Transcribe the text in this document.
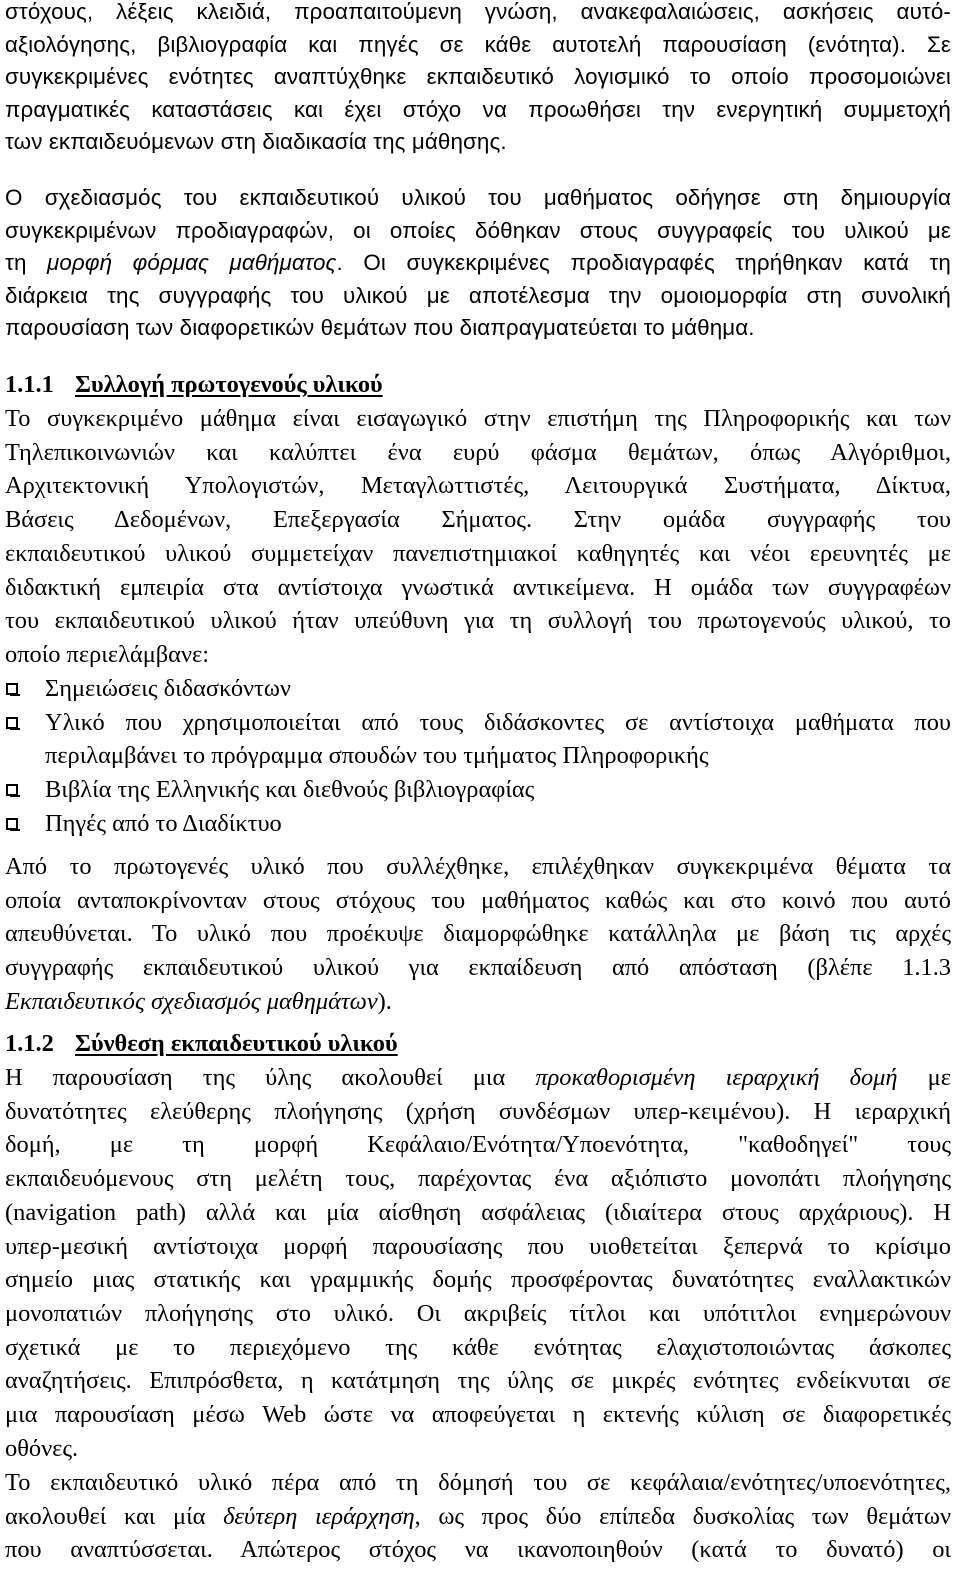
στόχους, λέξεις κλειδιά, προαπαιτούμενη γνώση, ανακεφαλαιώσεις, ασκήσεις αυτό-
αξιολόγησης, βιβλιογραφία και πηγές σε κάθε αυτοτελή παρουσίαση (ενότητα). Σε
συγκεκριμένες ενότητες αναπτύχθηκε εκπαιδευτικό λογισμικό το οποίο προσομοιώνει
πραγματικές καταστάσεις και έχει στόχο να προωθήσει την ενεργητική συμμετοχή
των εκπαιδευόμενων στη διαδικασία της μάθησης.
Ο σχεδιασμός του εκπαιδευτικού υλικού του μαθήματος οδήγησε στη δημιουργία
συγκεκριμένων προδιαγραφών, οι οποίες δόθηκαν στους συγγραφείς του υλικού με
τη μορφή φόρμας μαθήματος. Οι συγκεκριμένες προδιαγραφές τηρήθηκαν κατά τη
διάρκεια της συγγραφής του υλικού με αποτέλεσμα την ομοιομορφία στη συνολική
παρουσίαση των διαφορετικών θεμάτων που διαπραγματεύεται το μάθημα.
1.1.1 Συλλογή πρωτογενούς υλικού
Το συγκεκριμένο μάθημα είναι εισαγωγικό στην επιστήμη της Πληροφορικής και των
Τηλεπικοινωνιών και καλύπτει ένα ευρύ φάσμα θεμάτων, όπως Αλγόριθμοι,
Αρχιτεκτονική Υπολογιστών, Μεταγλωττιστές, Λειτουργικά Συστήματα, Δίκτυα,
Βάσεις Δεδομένων, Επεξεργασία Σήματος. Στην ομάδα συγγραφής του
εκπαιδευτικού υλικού συμμετείχαν πανεπιστημιακοί καθηγητές και νέοι ερευνητές με
διδακτική εμπειρία στα αντίστοιχα γνωστικά αντικείμενα. Η ομάδα των συγγραφέων
του εκπαιδευτικού υλικού ήταν υπεύθυνη για τη συλλογή του πρωτογενούς υλικού, το
οποίο περιελάμβανε:
Σημειώσεις διδασκόντων
Υλικό που χρησιμοποιείται από τους διδάσκοντες σε αντίστοιχα μαθήματα που
περιλαμβάνει το πρόγραμμα σπουδών του τμήματος Πληροφορικής
Βιβλία της Ελληνικής και διεθνούς βιβλιογραφίας
Πηγές από το Διαδίκτυο
Από το πρωτογενές υλικό που συλλέχθηκε, επιλέχθηκαν συγκεκριμένα θέματα τα
οποία ανταποκρίνονταν στους στόχους του μαθήματος καθώς και στο κοινό που αυτό
απευθύνεται. Το υλικό που προέκυψε διαμορφώθηκε κατάλληλα με βάση τις αρχές
συγγραφής εκπαιδευτικού υλικού για εκπαίδευση από απόσταση (βλέπε 1.1.3
Εκπαιδευτικός σχεδιασμός μαθημάτων).
1.1.2 Σύνθεση εκπαιδευτικού υλικού
Η παρουσίαση της ύλης ακολουθεί μια προκαθορισμένη ιεραρχική δομή με
δυνατότητες ελεύθερης πλοήγησης (χρήση συνδέσμων υπερ-κειμένου). Η ιεραρχική
δομή, με τη μορφή Κεφάλαιο/Ενότητα/Υποενότητα, "καθοδηγεί" τους
εκπαιδευόμενους στη μελέτη τους, παρέχοντας ένα αξιόπιστο μονοπάτι πλοήγησης
(navigation path) αλλά και μία αίσθηση ασφάλειας (ιδιαίτερα στους αρχάριους). Η
υπερ-μεσική αντίστοιχα μορφή παρουσίασης που υιοθετείται ξεπερνά το κρίσιμο
σημείο μιας στατικής και γραμμικής δομής προσφέροντας δυνατότητες εναλλακτικών
μονοπατιών πλοήγησης στο υλικό. Οι ακριβείς τίτλοι και υπότιτλοι ενημερώνουν
σχετικά με το περιεχόμενο της κάθε ενότητας ελαχιστοποιώντας άσκοπες
αναζητήσεις. Επιπρόσθετα, η κατάτμηση της ύλης σε μικρές ενότητες ενδείκνυται σε
μια παρουσίαση μέσω Web ώστε να αποφεύγεται η εκτενής κύλιση σε διαφορετικές
οθόνες.
Το εκπαιδευτικό υλικό πέρα από τη δόμησή του σε κεφάλαια/ενότητες/υποενότητες,
ακολουθεί και μία δεύτερη ιεράρχηση, ως προς δύο επίπεδα δυσκολίας των θεμάτων
που αναπτύσσεται. Απώτερος στόχος να ικανοποιηθούν (κατά το δυνατό) οι
